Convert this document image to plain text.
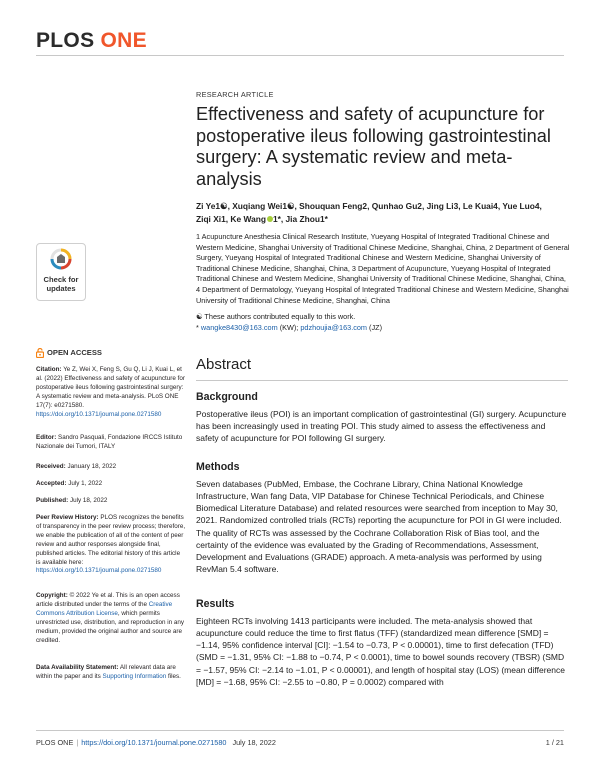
PLOS ONE
RESEARCH ARTICLE
Effectiveness and safety of acupuncture for postoperative ileus following gastrointestinal surgery: A systematic review and meta-analysis
Zi Ye1☯, Xuqiang Wei1☯, Shouquan Feng2, Qunhao Gu2, Jing Li3, Le Kuai4, Yue Luo4,
Ziqi Xi1, Ke Wang 1*, Jia Zhou1*
1 Acupuncture Anesthesia Clinical Research Institute, Yueyang Hospital of Integrated Traditional Chinese and Western Medicine, Shanghai University of Traditional Chinese Medicine, Shanghai, China, 2 Department of General Surgery, Yueyang Hospital of Integrated Traditional Chinese and Western Medicine, Shanghai University of Traditional Chinese Medicine, Shanghai, China, 3 Department of Acupuncture, Yueyang Hospital of Integrated Traditional Chinese and Western Medicine, Shanghai University of Traditional Chinese Medicine, Shanghai, China, 4 Department of Dermatology, Yueyang Hospital of Integrated Traditional Chinese and Western Medicine, Shanghai University of Traditional Chinese Medicine, Shanghai, China
☯ These authors contributed equally to this work.
* wangke8430@163.com (KW); pdzhoujia@163.com (JZ)
Check for
updates
OPEN ACCESS
Citation: Ye Z, Wei X, Feng S, Gu Q, Li J, Kuai L, et al. (2022) Effectiveness and safety of acupuncture for postoperative ileus following gastrointestinal surgery: A systematic review and meta-analysis. PLoS ONE 17(7): e0271580. https://doi.org/10.1371/journal.pone.0271580
Editor: Sandro Pasquali, Fondazione IRCCS Istituto Nazionale dei Tumori, ITALY
Received: January 18, 2022
Accepted: July 1, 2022
Published: July 18, 2022
Peer Review History: PLOS recognizes the benefits of transparency in the peer review process; therefore, we enable the publication of all of the content of peer review and author responses alongside final, published articles. The editorial history of this article is available here: https://doi.org/10.1371/journal.pone.0271580
Copyright: © 2022 Ye et al. This is an open access article distributed under the terms of the Creative Commons Attribution License, which permits unrestricted use, distribution, and reproduction in any medium, provided the original author and source are credited.
Data Availability Statement: All relevant data are within the paper and its Supporting Information files.
Abstract
Background
Postoperative ileus (POI) is an important complication of gastrointestinal (GI) surgery. Acupuncture has been increasingly used in treating POI. This study aimed to assess the effectiveness and safety of acupuncture for POI following GI surgery.
Methods
Seven databases (PubMed, Embase, the Cochrane Library, China National Knowledge Infrastructure, Wan fang Data, VIP Database for Chinese Technical Periodicals, and Chinese Biomedical Literature Database) and related resources were searched from inception to May 30, 2021. Randomized controlled trials (RCTs) reporting the acupuncture for POI in GI were included. The quality of RCTs was assessed by the Cochrane Collaboration Risk of Bias tool, and the certainty of the evidence was evaluated by the Grading of Recommendations, Assessment, Development and Evaluations (GRADE) approach. A meta-analysis was performed by using RevMan 5.4 software.
Results
Eighteen RCTs involving 1413 participants were included. The meta-analysis showed that acupuncture could reduce the time to first flatus (TFF) (standardized mean difference [SMD] = −1.14, 95% confidence interval [CI]: −1.54 to −0.73, P < 0.00001), time to first defecation (TFD) (SMD = −1.31, 95% CI: −1.88 to −0.74, P < 0.0001), time to bowel sounds recovery (TBSR) (SMD = −1.57, 95% CI: −2.14 to −1.01, P < 0.00001), and length of hospital stay (LOS) (mean difference [MD] = −1.68, 95% CI: −2.55 to −0.80, P = 0.0002) compared with
PLOS ONE | https://doi.org/10.1371/journal.pone.0271580 July 18, 2022	1 / 21
